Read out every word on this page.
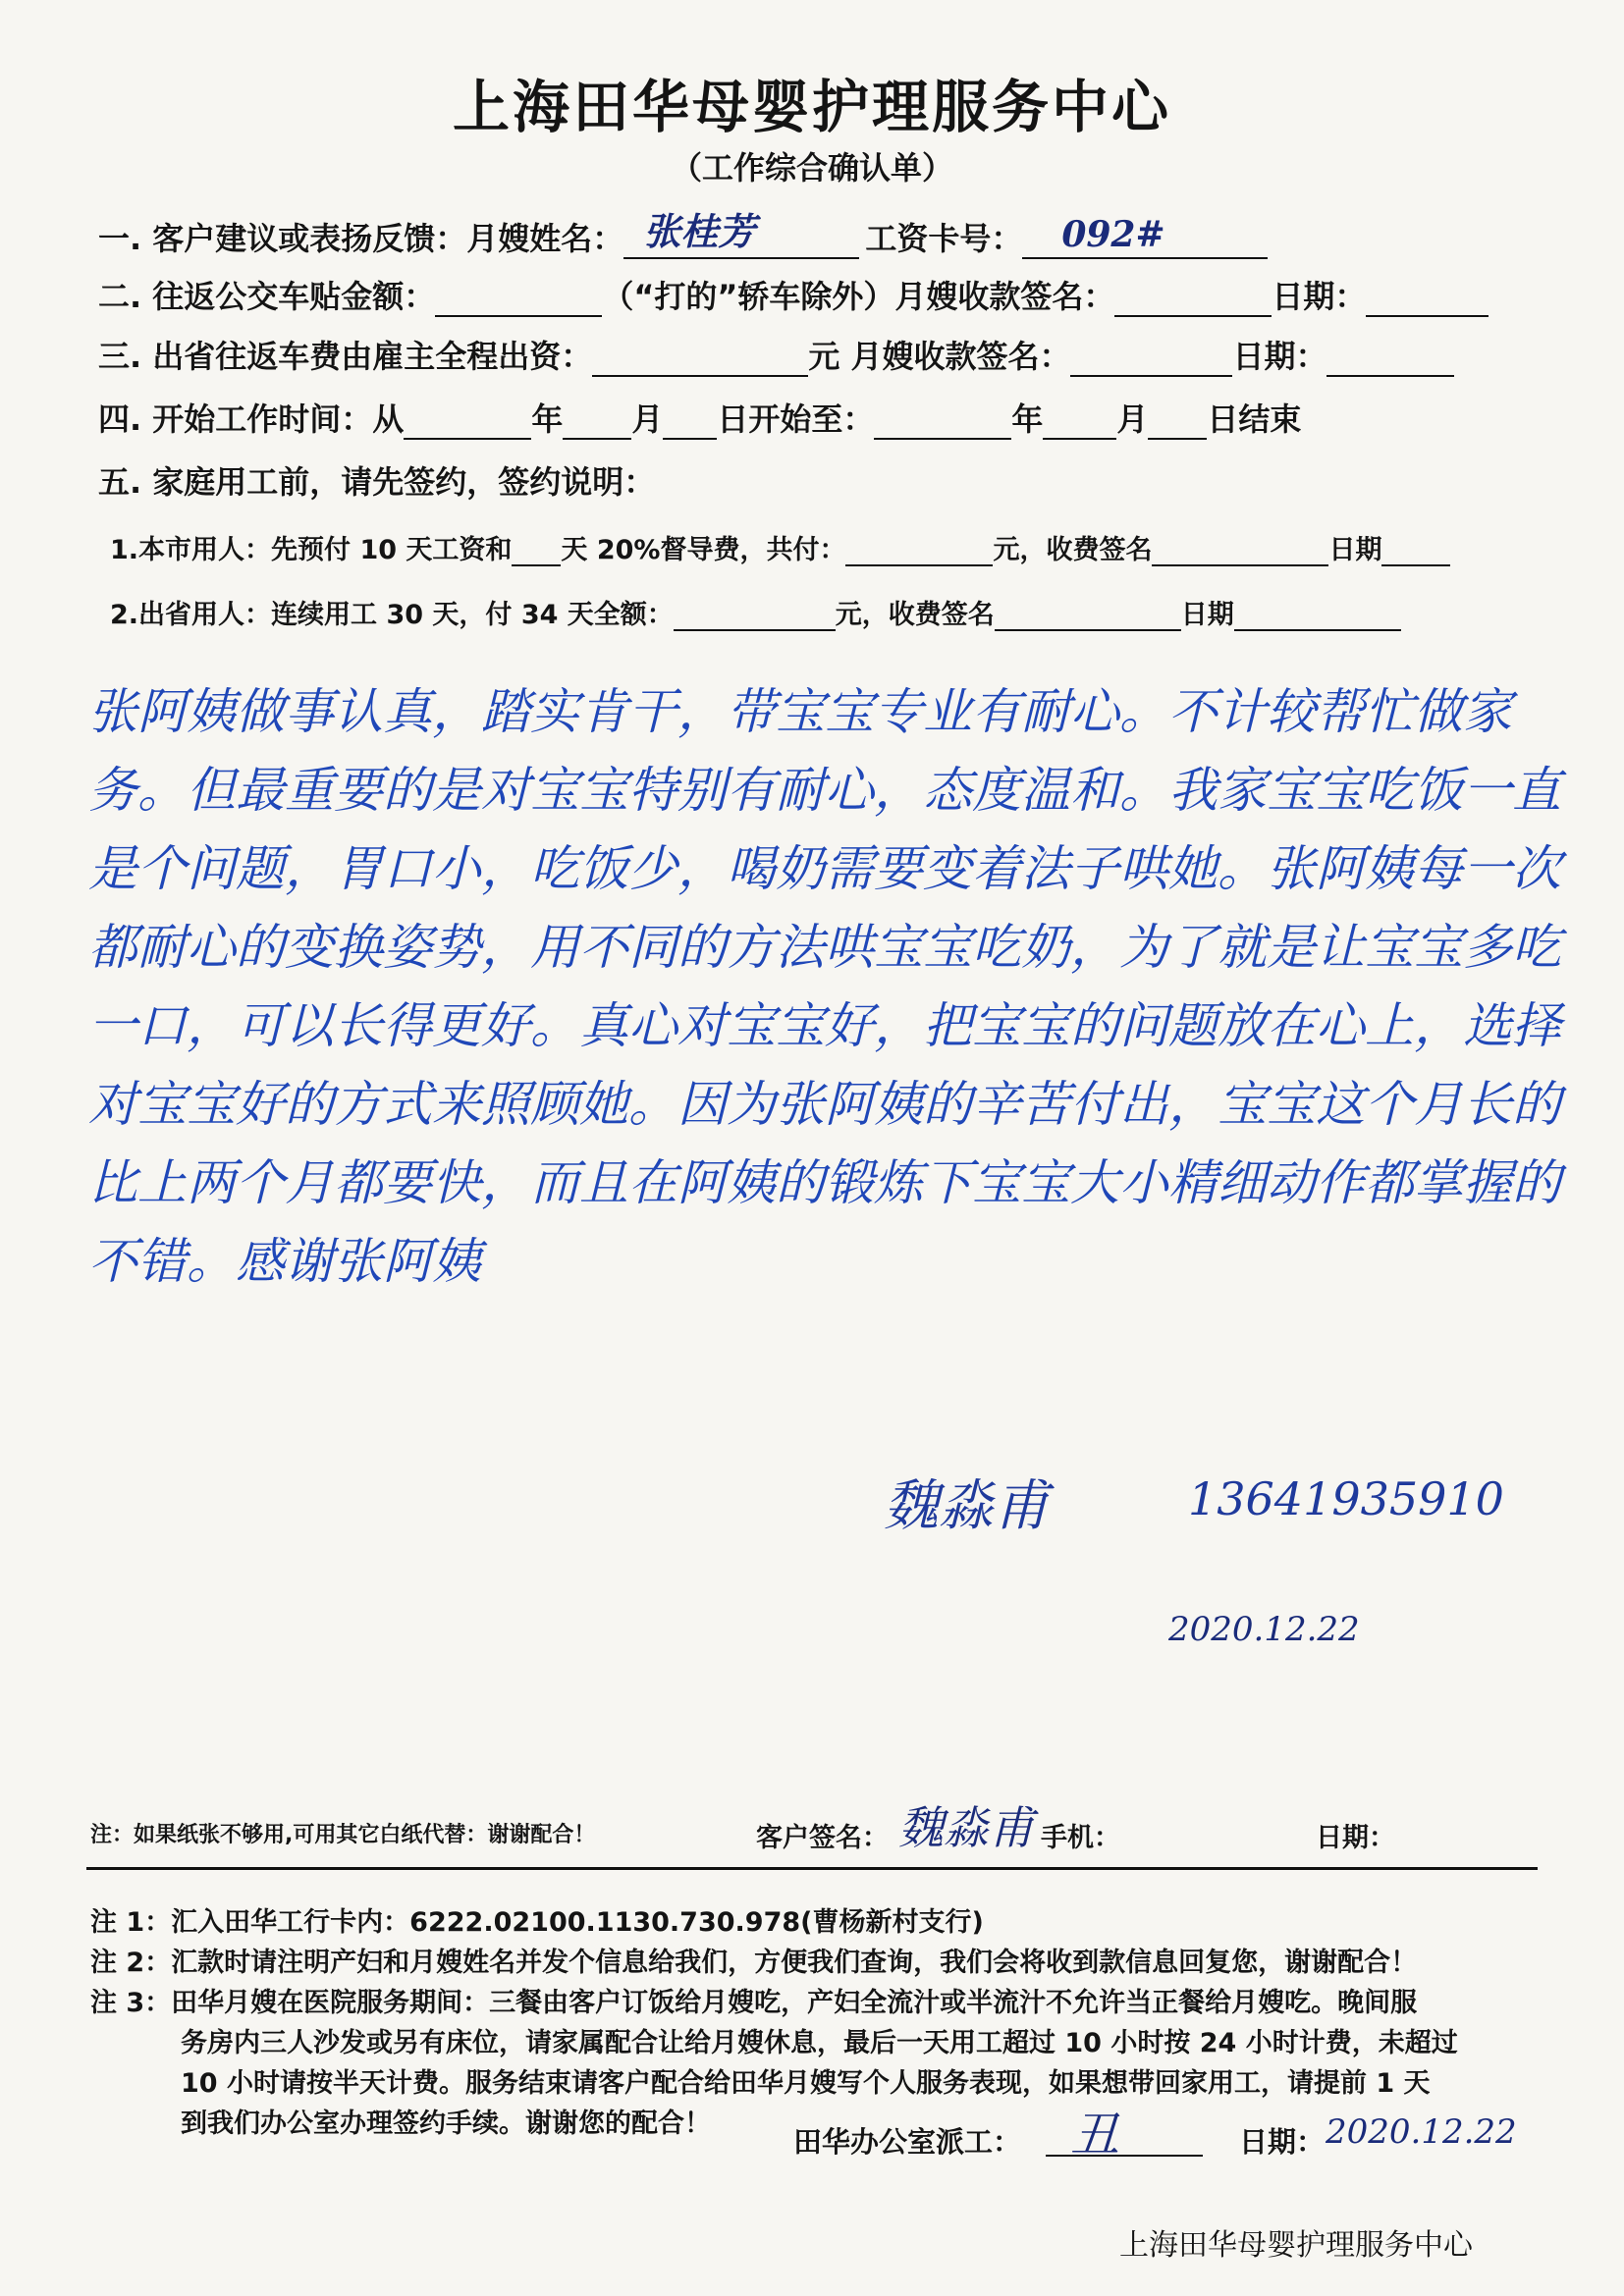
上海田华母婴护理服务中心
（工作综合确认单）
一. 客户建议或表扬反馈：月嫂姓名： 张桂芳	工资卡号： 092#
二. 往返公交车贴金额：	（“打的”轿车除外）月嫂收款签名：	日期：
三. 出省往返车费由雇主全程出资：	元 月嫂收款签名：	日期：
四. 开始工作时间：从	年 月 日开始至：	年 月 日结束
五. 家庭用工前，请先签约，签约说明：
1.本市用人：先预付 10 天工资和 天 20%督导费，共付：	元，收费签名	日期
2.出省用人：连续用工 30 天，付 34 天全额：	元，收费签名	日期
张阿姨做事认真，踏实肯干，带宝宝专业有耐心。不计较帮忙做家务。但最重要的是对宝宝特别有耐心，态度温和。我家宝宝吃饭一直是个问题，胃口小，吃饭少，喝奶需要变着法子哄她。张阿姨每一次都耐心的变换姿势，用不同的方法哄宝宝吃奶，为了就是让宝宝多吃一口，可以长得更好。真心对宝宝好，把宝宝的问题放在心上，选择对宝宝好的方式来照顾她。因为张阿姨的辛苦付出，宝宝这个月长的比上两个月都要快，而且在阿姨的锻炼下宝宝大小精细动作都掌握的不错。感谢张阿姨
魏淼甫	13641935910
2020.12.22
注：如果纸张不够用,可用其它白纸代替：谢谢配合！	客户签名： 魏淼甫 手机：	日期：

注 1：汇入田华工行卡内：6222.02100.1130.730.978(曹杨新村支行)

注 2：汇款时请注明产妇和月嫂姓名并发个信息给我们，方便我们查询，我们会将收到款信息回复您，谢谢配合！

注 3：田华月嫂在医院服务期间：三餐由客户订饭给月嫂吃，产妇全流汁或半流汁不允许当正餐给月嫂吃。晚间服

务房内三人沙发或另有床位，请家属配合让给月嫂休息，最后一天用工超过 10 小时按 24 小时计费，未超过

10 小时请按半天计费。服务结束请客户配合给田华月嫂写个人服务表现，如果想带回家用工，请提前 1 天

到我们办公室办理签约手续。谢谢您的配合！

田华办公室派工： 丑	日期： 2020.12.22
上海田华母婴护理服务中心
